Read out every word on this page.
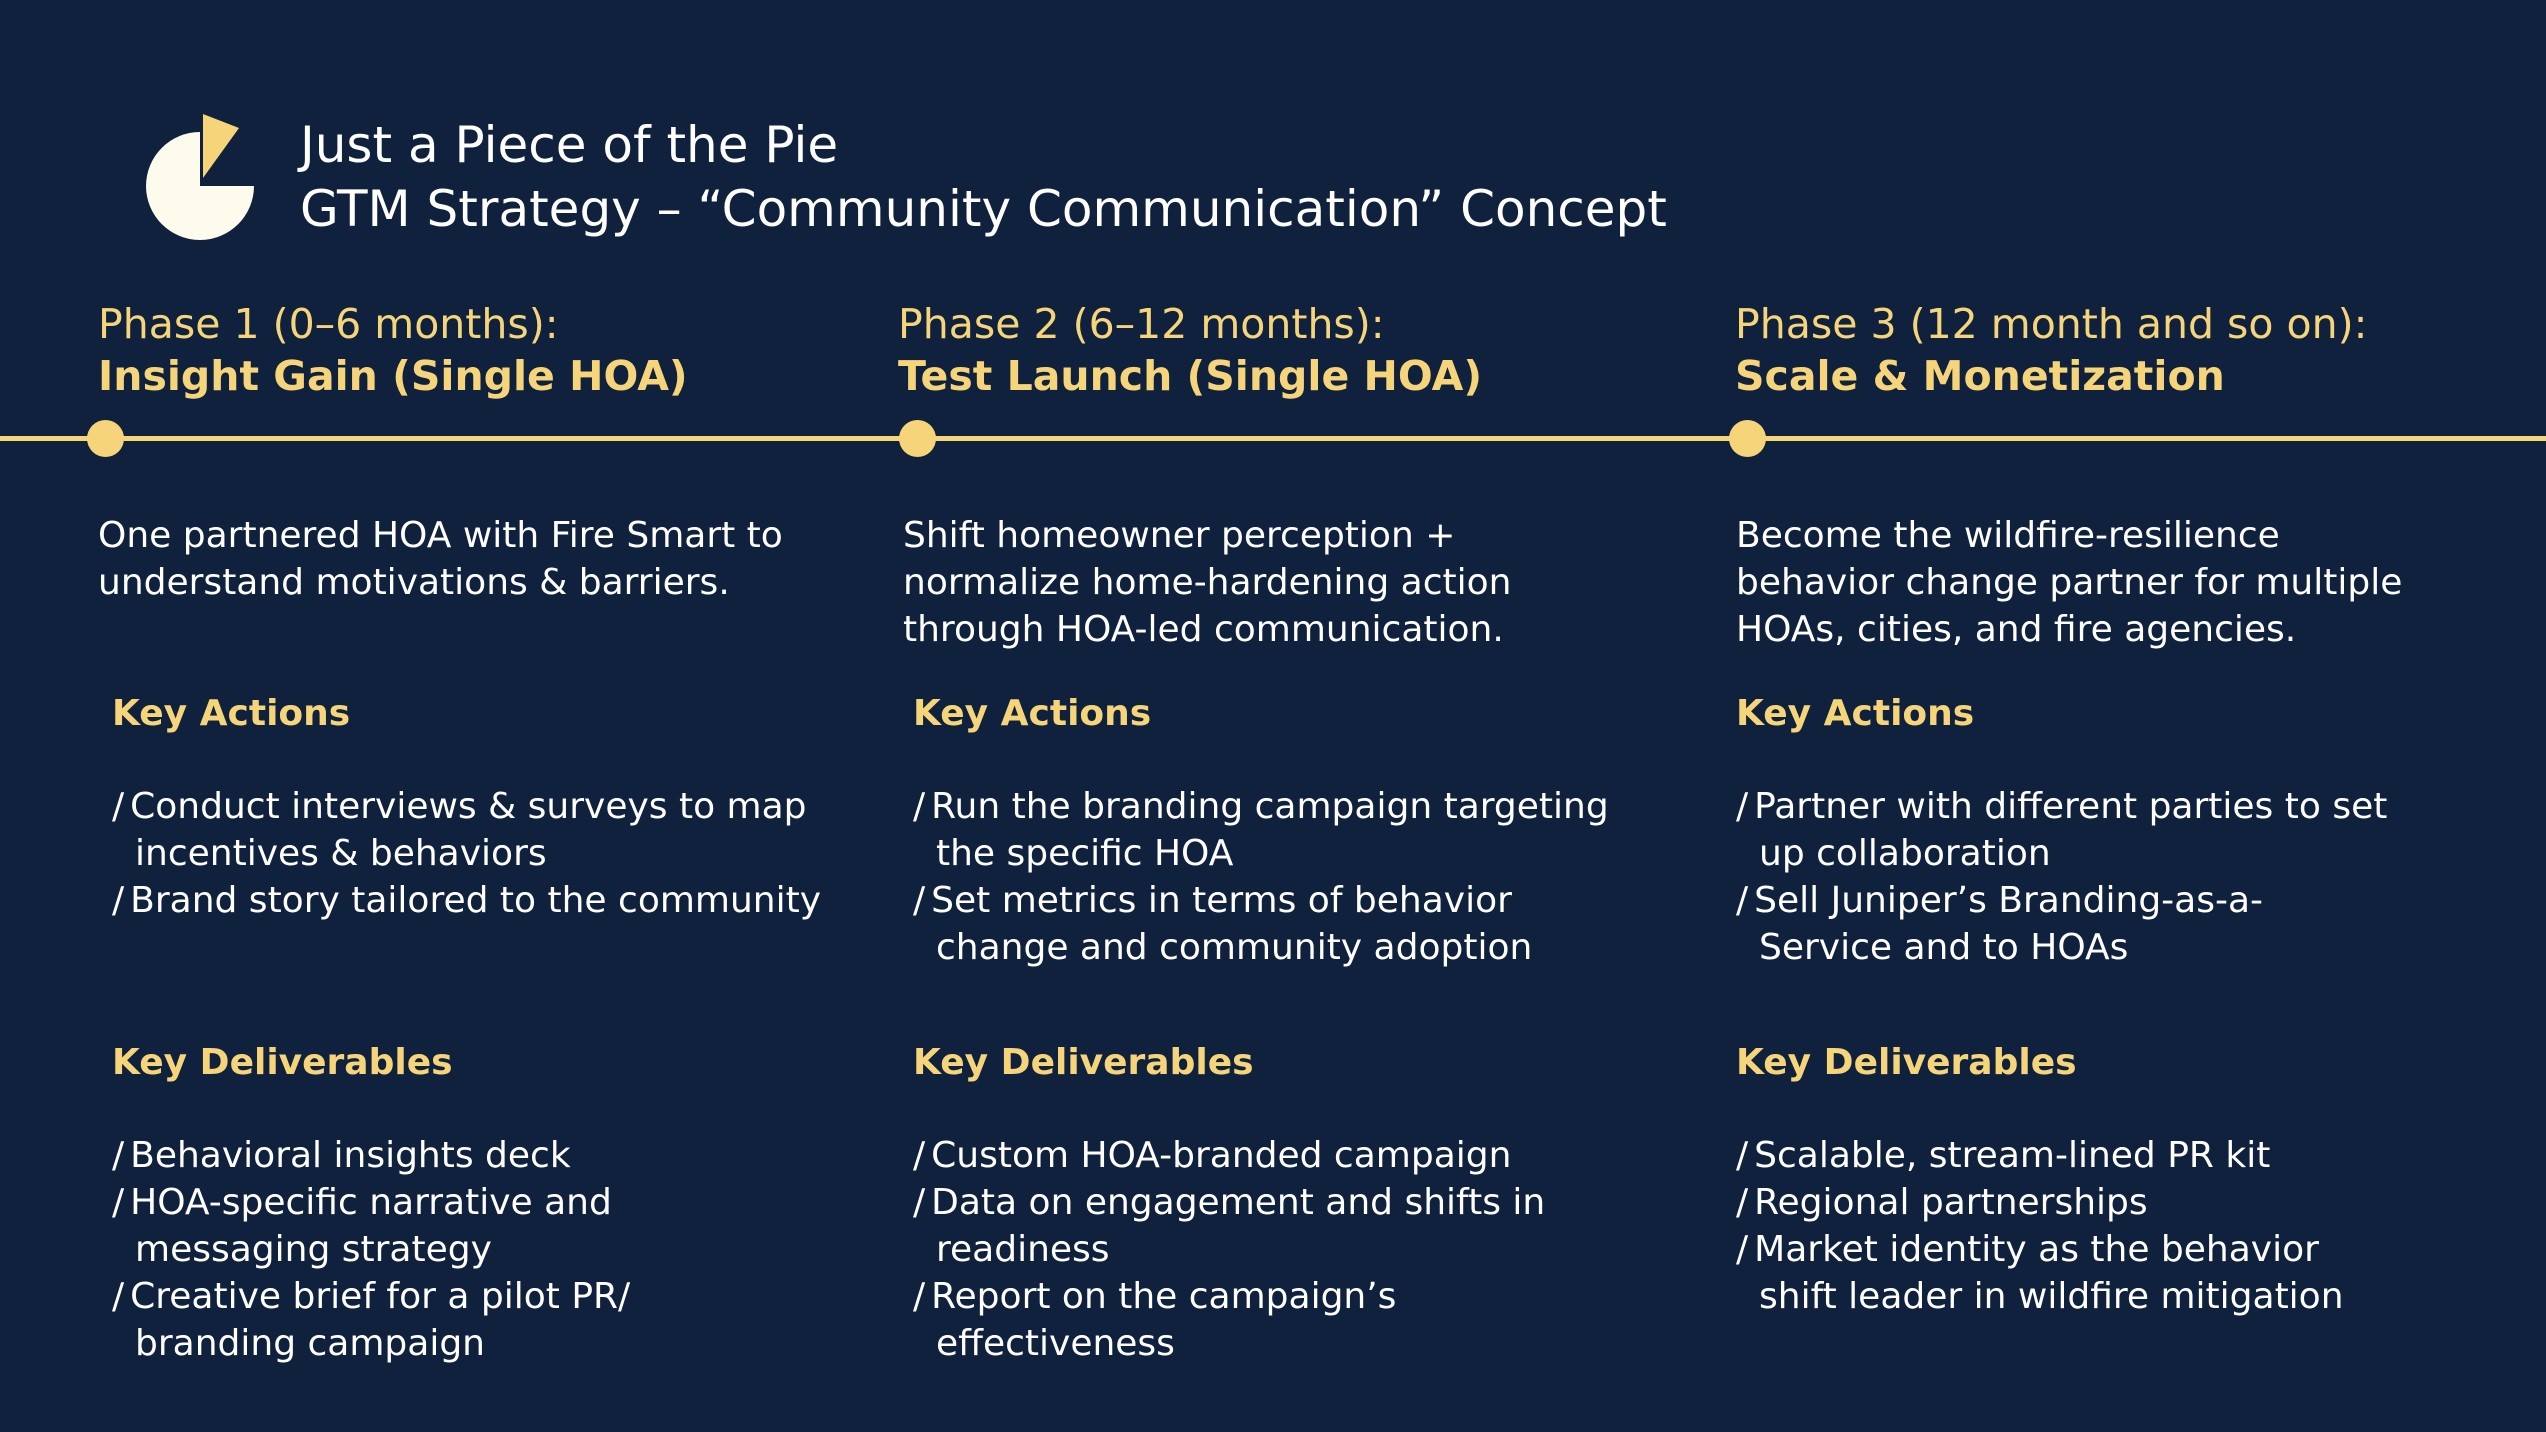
Just a Piece of the Pie
GTM Strategy – “Community Communication” Concept
Phase 1 (0–6 months):
Insight Gain (Single HOA)
Phase 2 (6–12 months):
Test Launch (Single HOA)
Phase 3 (12 month and so on):
Scale & Monetization
One partnered HOA with Fire Smart to
understand motivations & barriers.
Shift homeowner perception +
normalize home-hardening action
through HOA-led communication.
Become the wildfire-resilience
behavior change partner for multiple
HOAs, cities, and fire agencies.
Key Actions	Key Actions	Key Actions
/ Conduct interviews & surveys to map
incentives & behaviors
/ Brand story tailored to the community
/ Run the branding campaign targeting
the specific HOA
/ Set metrics in terms of behavior
change and community adoption
/ Partner with different parties to set
up collaboration
/ Sell Juniper’s Branding-as-a-
Service and to HOAs
Key Deliverables	Key Deliverables	Key Deliverables
/ Behavioral insights deck
/ HOA-specific narrative and
messaging strategy
/ Creative brief for a pilot PR/
branding campaign
/ Custom HOA-branded campaign
/ Data on engagement and shifts in
readiness
/ Report on the campaign’s
effectiveness
/ Scalable, stream-lined PR kit
/ Regional partnerships
/ Market identity as the behavior
shift leader in wildfire mitigation
